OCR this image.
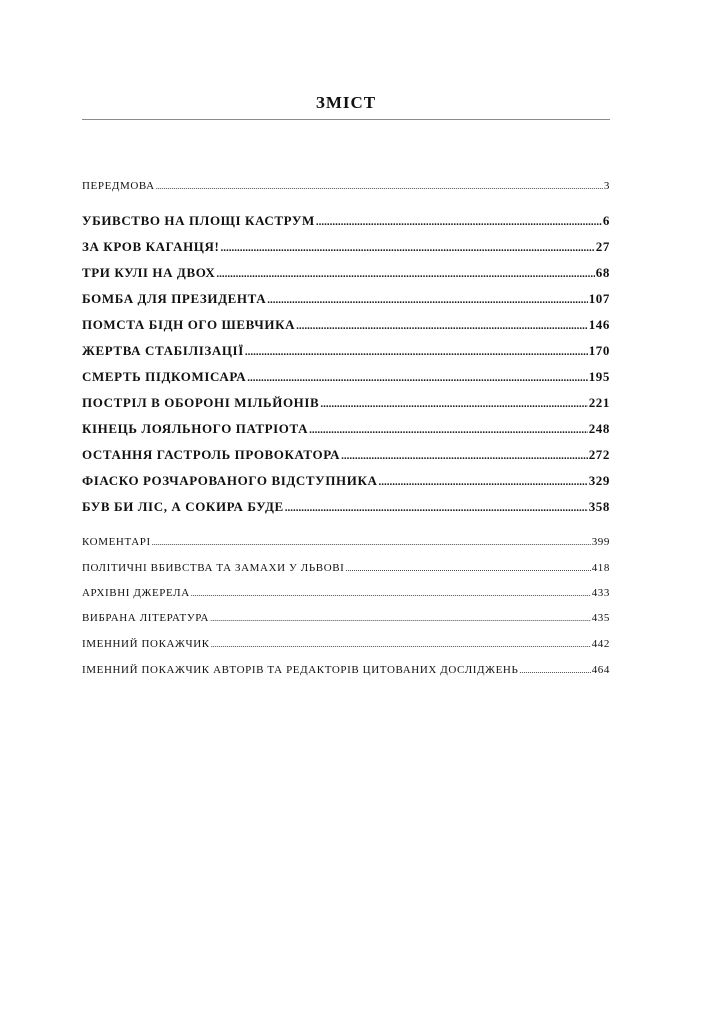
ЗМІСТ
ПЕРЕДМОВА .....	3
УБИВСТВО НА ПЛОЩІ КАСТРУМ .....	6
ЗА КРОВ КАГАНЦЯ! .....	27
ТРИ КУЛІ НА ДВОХ .....	68
БОМБА ДЛЯ ПРЕЗИДЕНТА .....	107
ПОМСТА БІДН ОГО ШЕВЧИКА .....	146
ЖЕРТВА СТАБІЛІЗАЦІЇ .....	170
СМЕРТЬ ПІДКОМІСАРА .....	195
ПОСТРІЛ В ОБОРОНІ МІЛЬЙОНІВ .....	221
КІНЕЦЬ ЛОЯЛЬНОГО ПАТРІОТА .....	248
ОСТАННЯ ГАСТРОЛЬ ПРОВОКАТОРА .....	272
ФІАСКО РОЗЧАРОВАНОГО ВІДСТУПНИКА .....	329
БУВ БИ ЛІС, А СОКИРА БУДЕ .....	358
КОМЕНТАРІ .....	399
ПОЛІТИЧНІ ВБИВСТВА ТА ЗАМАХИ У ЛЬВОВІ .....	418
АРХІВНІ ДЖЕРЕЛА .....	433
ВИБРАНА ЛІТЕРАТУРА .....	435
ІМЕННИЙ ПОКАЖЧИК .....	442
ІМЕННИЙ ПОКАЖЧИК АВТОРІВ ТА РЕДАКТОРІВ ЦИТОВАНИХ ДОСЛІДЖЕНЬ .....	464
